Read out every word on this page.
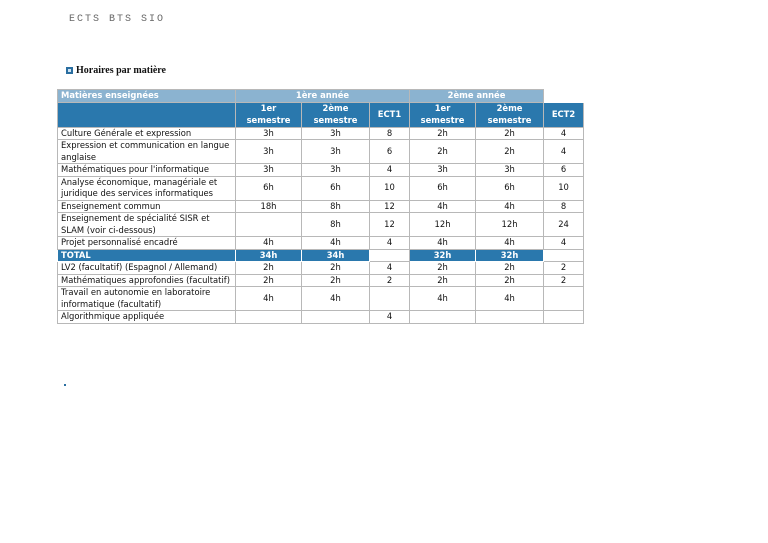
ECTS BTS SIO
Horaires par matière
Matières enseignées	1ère année			2ème année		
	1er semestre	2ème semestre	ECT1	1er semestre	2ème semestre	ECT2
Culture Générale et expression	3h	3h	8	2h	2h	4
Expression et communication en langue anglaise	3h	3h	6	2h	2h	4
Mathématiques pour l'informatique	3h	3h	4	3h	3h	6
Analyse économique, managériale et juridique des services informatiques	6h	6h	10	6h	6h	10
Enseignement commun	18h	8h	12	4h	4h	8
Enseignement de spécialité SISR et SLAM (voir ci-dessous)		8h	12	12h	12h	24
Projet personnalisé encadré	4h	4h	4	4h	4h	4
TOTAL	34h	34h		32h	32h	
LV2 (facultatif) (Espagnol / Allemand)	2h	2h	4	2h	2h	2
Mathématiques approfondies (facultatif)	2h	2h	2	2h	2h	2
Travail en autonomie en laboratoire informatique (facultatif)	4h	4h		4h	4h	
Algorithmique appliquée			4			
